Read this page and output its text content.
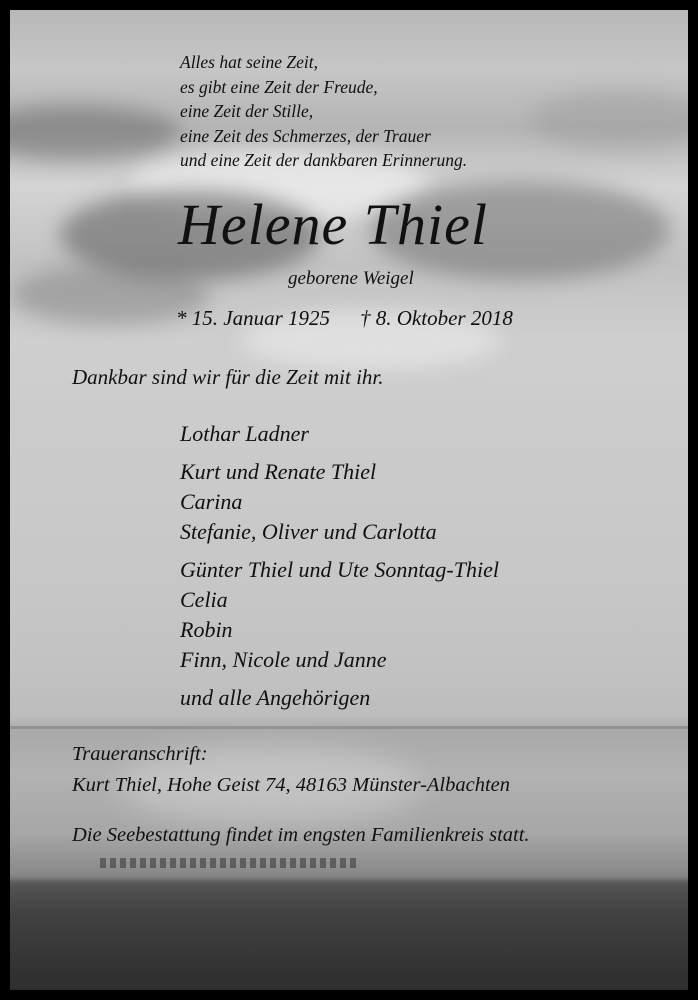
Alles hat seine Zeit,
es gibt eine Zeit der Freude,
eine Zeit der Stille,
eine Zeit des Schmerzes, der Trauer
und eine Zeit der dankbaren Erinnerung.
Helene Thiel
geborene Weigel
* 15. Januar 1925 † 8. Oktober 2018
Dankbar sind wir für die Zeit mit ihr.
Lothar Ladner
Kurt und Renate Thiel
Carina
Stefanie, Oliver und Carlotta
Günter Thiel und Ute Sonntag-Thiel
Celia
Robin
Finn, Nicole und Janne
und alle Angehörigen
Traueranschrift:
Kurt Thiel, Hohe Geist 74, 48163 Münster-Albachten
Die Seebestattung findet im engsten Familienkreis statt.
